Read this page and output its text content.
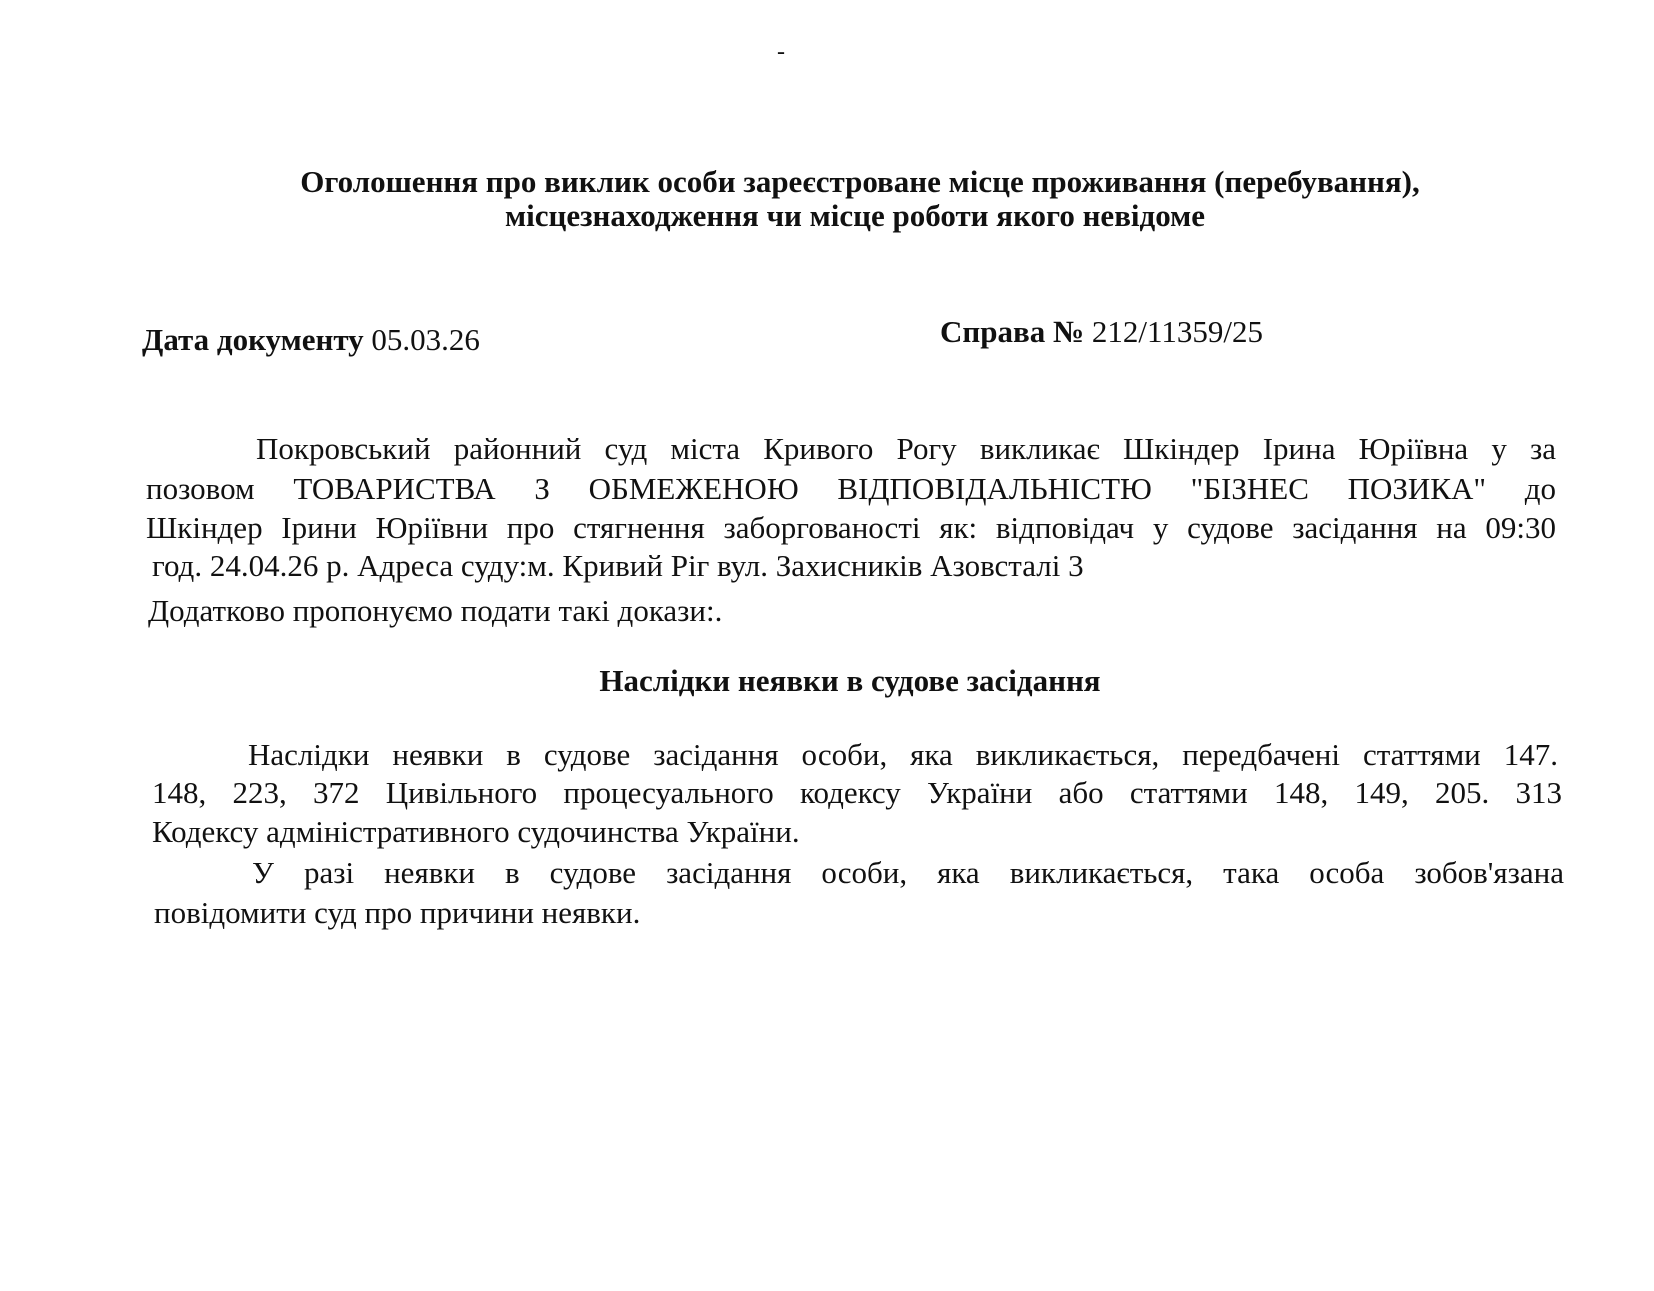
-
Оголошення про виклик особи зареєстроване місце проживання (перебування),
місцезнаходження чи місце роботи якого невідоме
Дата документу 05.03.26	Справа № 212/11359/25
Покровський районний суд міста Кривого Рогу викликає Шкіндер Ірина Юріївна у за
позовом ТОВАРИСТВА З ОБМЕЖЕНОЮ ВІДПОВІДАЛЬНІСТЮ "БІЗНЕС ПОЗИКА" до
Шкіндер Ірини Юріївни про стягнення заборгованості як: відповідач у судове засідання на 09:30
год. 24.04.26 р. Адреса суду:м. Кривий Ріг вул. Захисників Азовсталі 3
Додатково пропонуємо подати такі докази:.
Наслідки неявки в судове засідання
Наслідки неявки в судове засідання особи, яка викликається, передбачені статтями 147.
148, 223, 372 Цивільного процесуального кодексу України або статтями 148, 149, 205. 313
Кодексу адміністративного судочинства України.
У разі неявки в судове засідання особи, яка викликається, така особа зобов'язана
повідомити суд про причини неявки.
